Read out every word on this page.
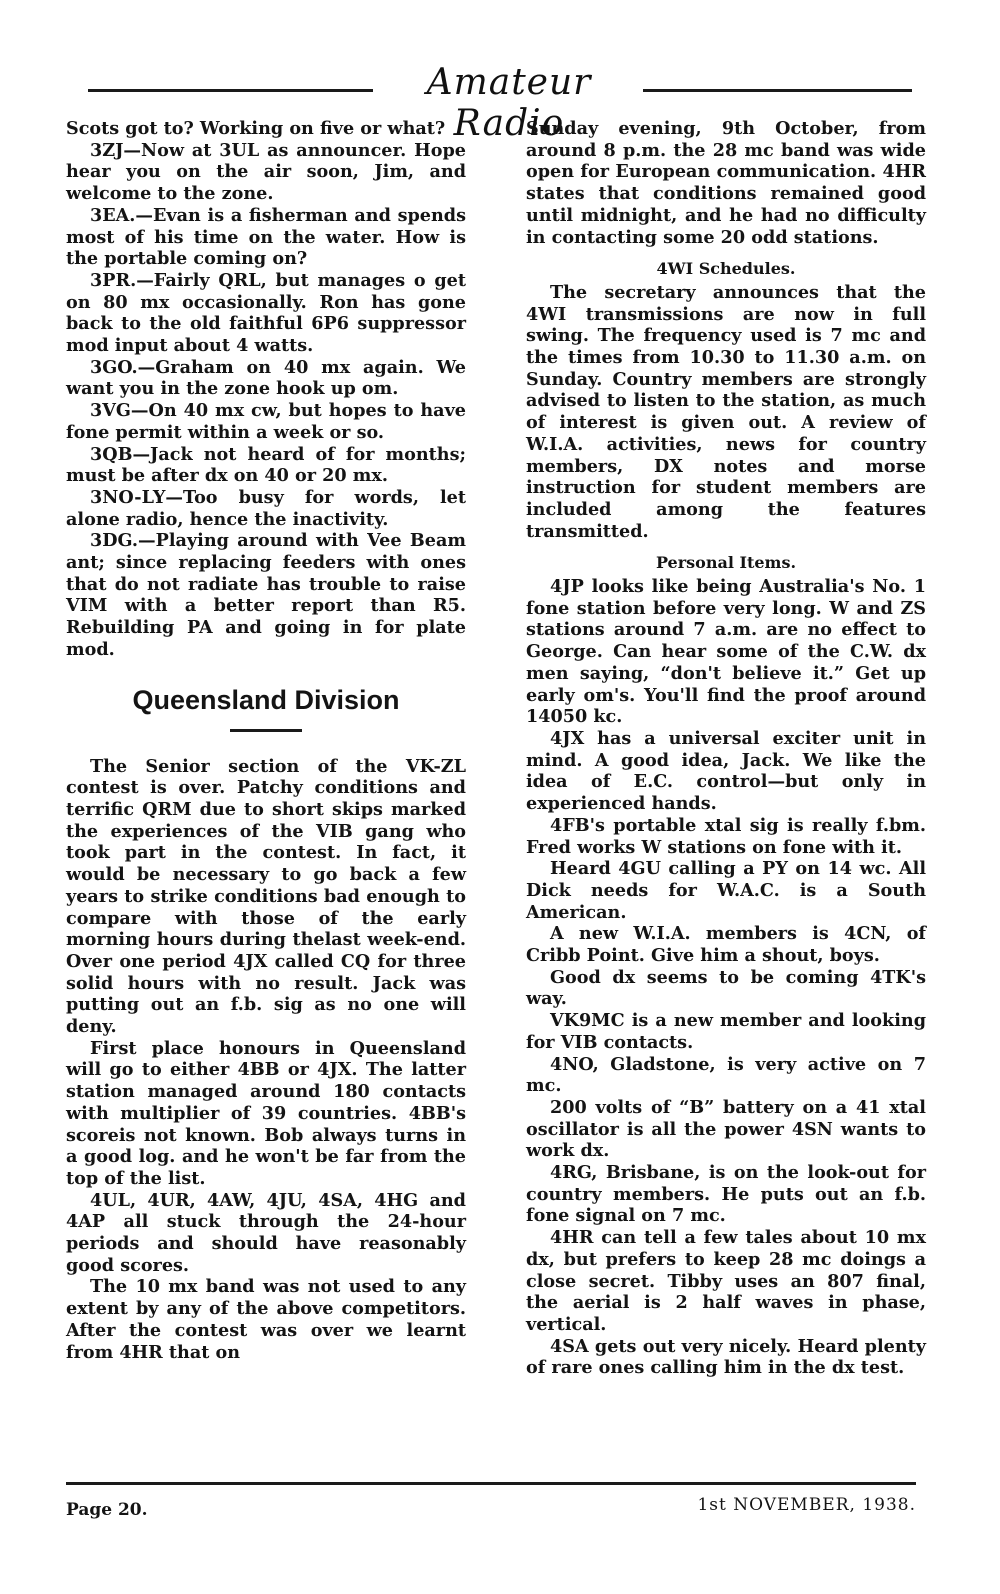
Amateur Radio

Scots got to? Working on five or what?

3ZJ—Now at 3UL as announcer. Hope hear you on the air soon, Jim, and welcome to the zone.

3EA.—Evan is a fisherman and spends most of his time on the water. How is the portable coming on?

3PR.—Fairly QRL, but manages o get on 80 mx occasionally. Ron has gone back to the old faithful 6P6 suppressor mod input about 4 watts.

3GO.—Graham on 40 mx again. We want you in the zone hook up om.

3VG—On 40 mx cw, but hopes to have fone permit within a week or so.

3QB—Jack not heard of for months; must be after dx on 40 or 20 mx.

3NO-LY—Too busy for words, let alone radio, hence the inactivity.

3DG.—Playing around with Vee Beam ant; since replacing feeders with ones that do not radiate has trouble to raise VIM with a better report than R5. Rebuilding PA and going in for plate mod.

Queensland Division

The Senior section of the VK-ZL contest is over. Patchy conditions and terrific QRM due to short skips marked the experiences of the VIB gang who took part in the contest. In fact, it would be necessary to go back a few years to strike conditions bad enough to compare with those of the early morning hours during thelast week-end. Over one period 4JX called CQ for three solid hours with no result. Jack was putting out an f.b. sig as no one will deny.

First place honours in Queensland will go to either 4BB or 4JX. The latter station managed around 180 contacts with multiplier of 39 countries. 4BB's scoreis not known. Bob always turns in a good log. and he won't be far from the top of the list.

4UL, 4UR, 4AW, 4JU, 4SA, 4HG and 4AP all stuck through the 24-hour periods and should have reasonably good scores.

The 10 mx band was not used to any extent by any of the above competitors. After the contest was over we learnt from 4HR that on

Sunday evening, 9th October, from around 8 p.m. the 28 mc band was wide open for European communication. 4HR states that conditions remained good until midnight, and he had no difficulty in contacting some 20 odd stations.

4WI Schedules.

The secretary announces that the 4WI transmissions are now in full swing. The frequency used is 7 mc and the times from 10.30 to 11.30 a.m. on Sunday. Country members are strongly advised to listen to the station, as much of interest is given out. A review of W.I.A. activities, news for country members, DX notes and morse instruction for student members are included among the features transmitted.

Personal Items.

4JP looks like being Australia's No. 1 fone station before very long. W and ZS stations around 7 a.m. are no effect to George. Can hear some of the C.W. dx men saying, “don't believe it.” Get up early om's. You'll find the proof around 14050 kc.

4JX has a universal exciter unit in mind. A good idea, Jack. We like the idea of E.C. control—but only in experienced hands.

4FB's portable xtal sig is really f.bm. Fred works W stations on fone with it.

Heard 4GU calling a PY on 14 wc. All Dick needs for W.A.C. is a South American.

A new W.I.A. members is 4CN, of Cribb Point. Give him a shout, boys.

Good dx seems to be coming 4TK's way.

VK9MC is a new member and looking for VIB contacts.

4NO, Gladstone, is very active on 7 mc.

200 volts of “B” battery on a 41 xtal oscillator is all the power 4SN wants to work dx.

4RG, Brisbane, is on the look-out for country members. He puts out an f.b. fone signal on 7 mc.

4HR can tell a few tales about 10 mx dx, but prefers to keep 28 mc doings a close secret. Tibby uses an 807 final, the aerial is 2 half waves in phase, vertical.

4SA gets out very nicely. Heard plenty of rare ones calling him in the dx test.

Page 20.	1st NOVEMBER, 1938.
